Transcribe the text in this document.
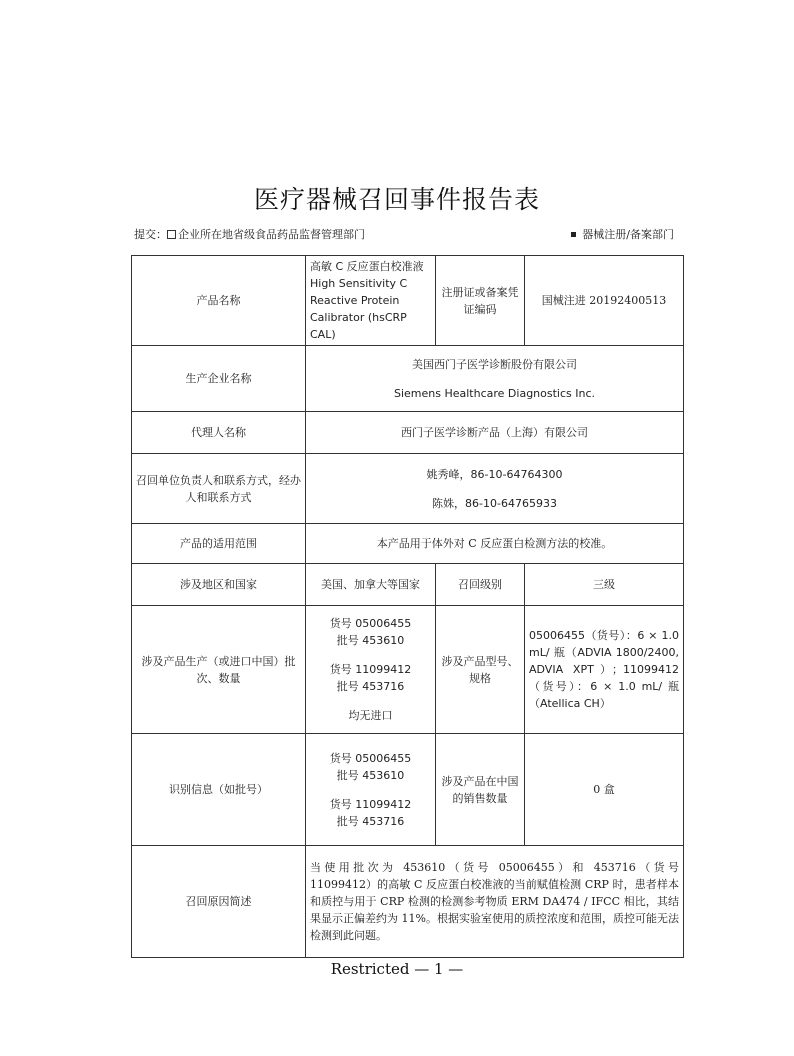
医疗器械召回事件报告表
提交： 企业所在地省级食品药品监督管理部门	器械注册/备案部门
产品名称	高敏 C 反应蛋白校准液 High Sensitivity C Reactive Protein Calibrator (hsCRP CAL)	注册证或备案凭证编码	国械注进 20192400513
生产企业名称	美国西门子医学诊断股份有限公司
Siemens Healthcare Diagnostics Inc.		

代理人名称	西门子医学诊断产品（上海）有限公司		
召回单位负责人和联系方式，经办人和联系方式	姚秀峰，86-10-64764300
陈姝，86-10-64765933		

产品的适用范围	本产品用于体外对 C 反应蛋白检测方法的校准。		
涉及地区和国家	美国、加拿大等国家	召回级别	三级
涉及产品生产（或进口中国）批次、数量	货号 05006455
批号 453610
货号 11099412
批号 453716
均无进口	涉及产品型号、规格	05006455（货号）：6 × 1.0 mL/ 瓶（ADVIA 1800/2400, ADVIA XPT）；11099412（货号）：6 × 1.0 mL/ 瓶（Atellica CH）
识别信息（如批号）	货号 05006455
批号 453610
货号 11099412
批号 453716	涉及产品在中国的销售数量	0 盒
召回原因简述	当使用批次为 453610（货号 05006455）和 453716（货号 11099412）的高敏 C 反应蛋白校准液的当前赋值检测 CRP 时，患者样本和质控与用于 CRP 检测的检测参考物质 ERM DA474 / IFCC 相比，其结果显示正偏差约为 11%。根据实验室使用的质控浓度和范围，质控可能无法检测到此问题。		
Restricted — 1 —
